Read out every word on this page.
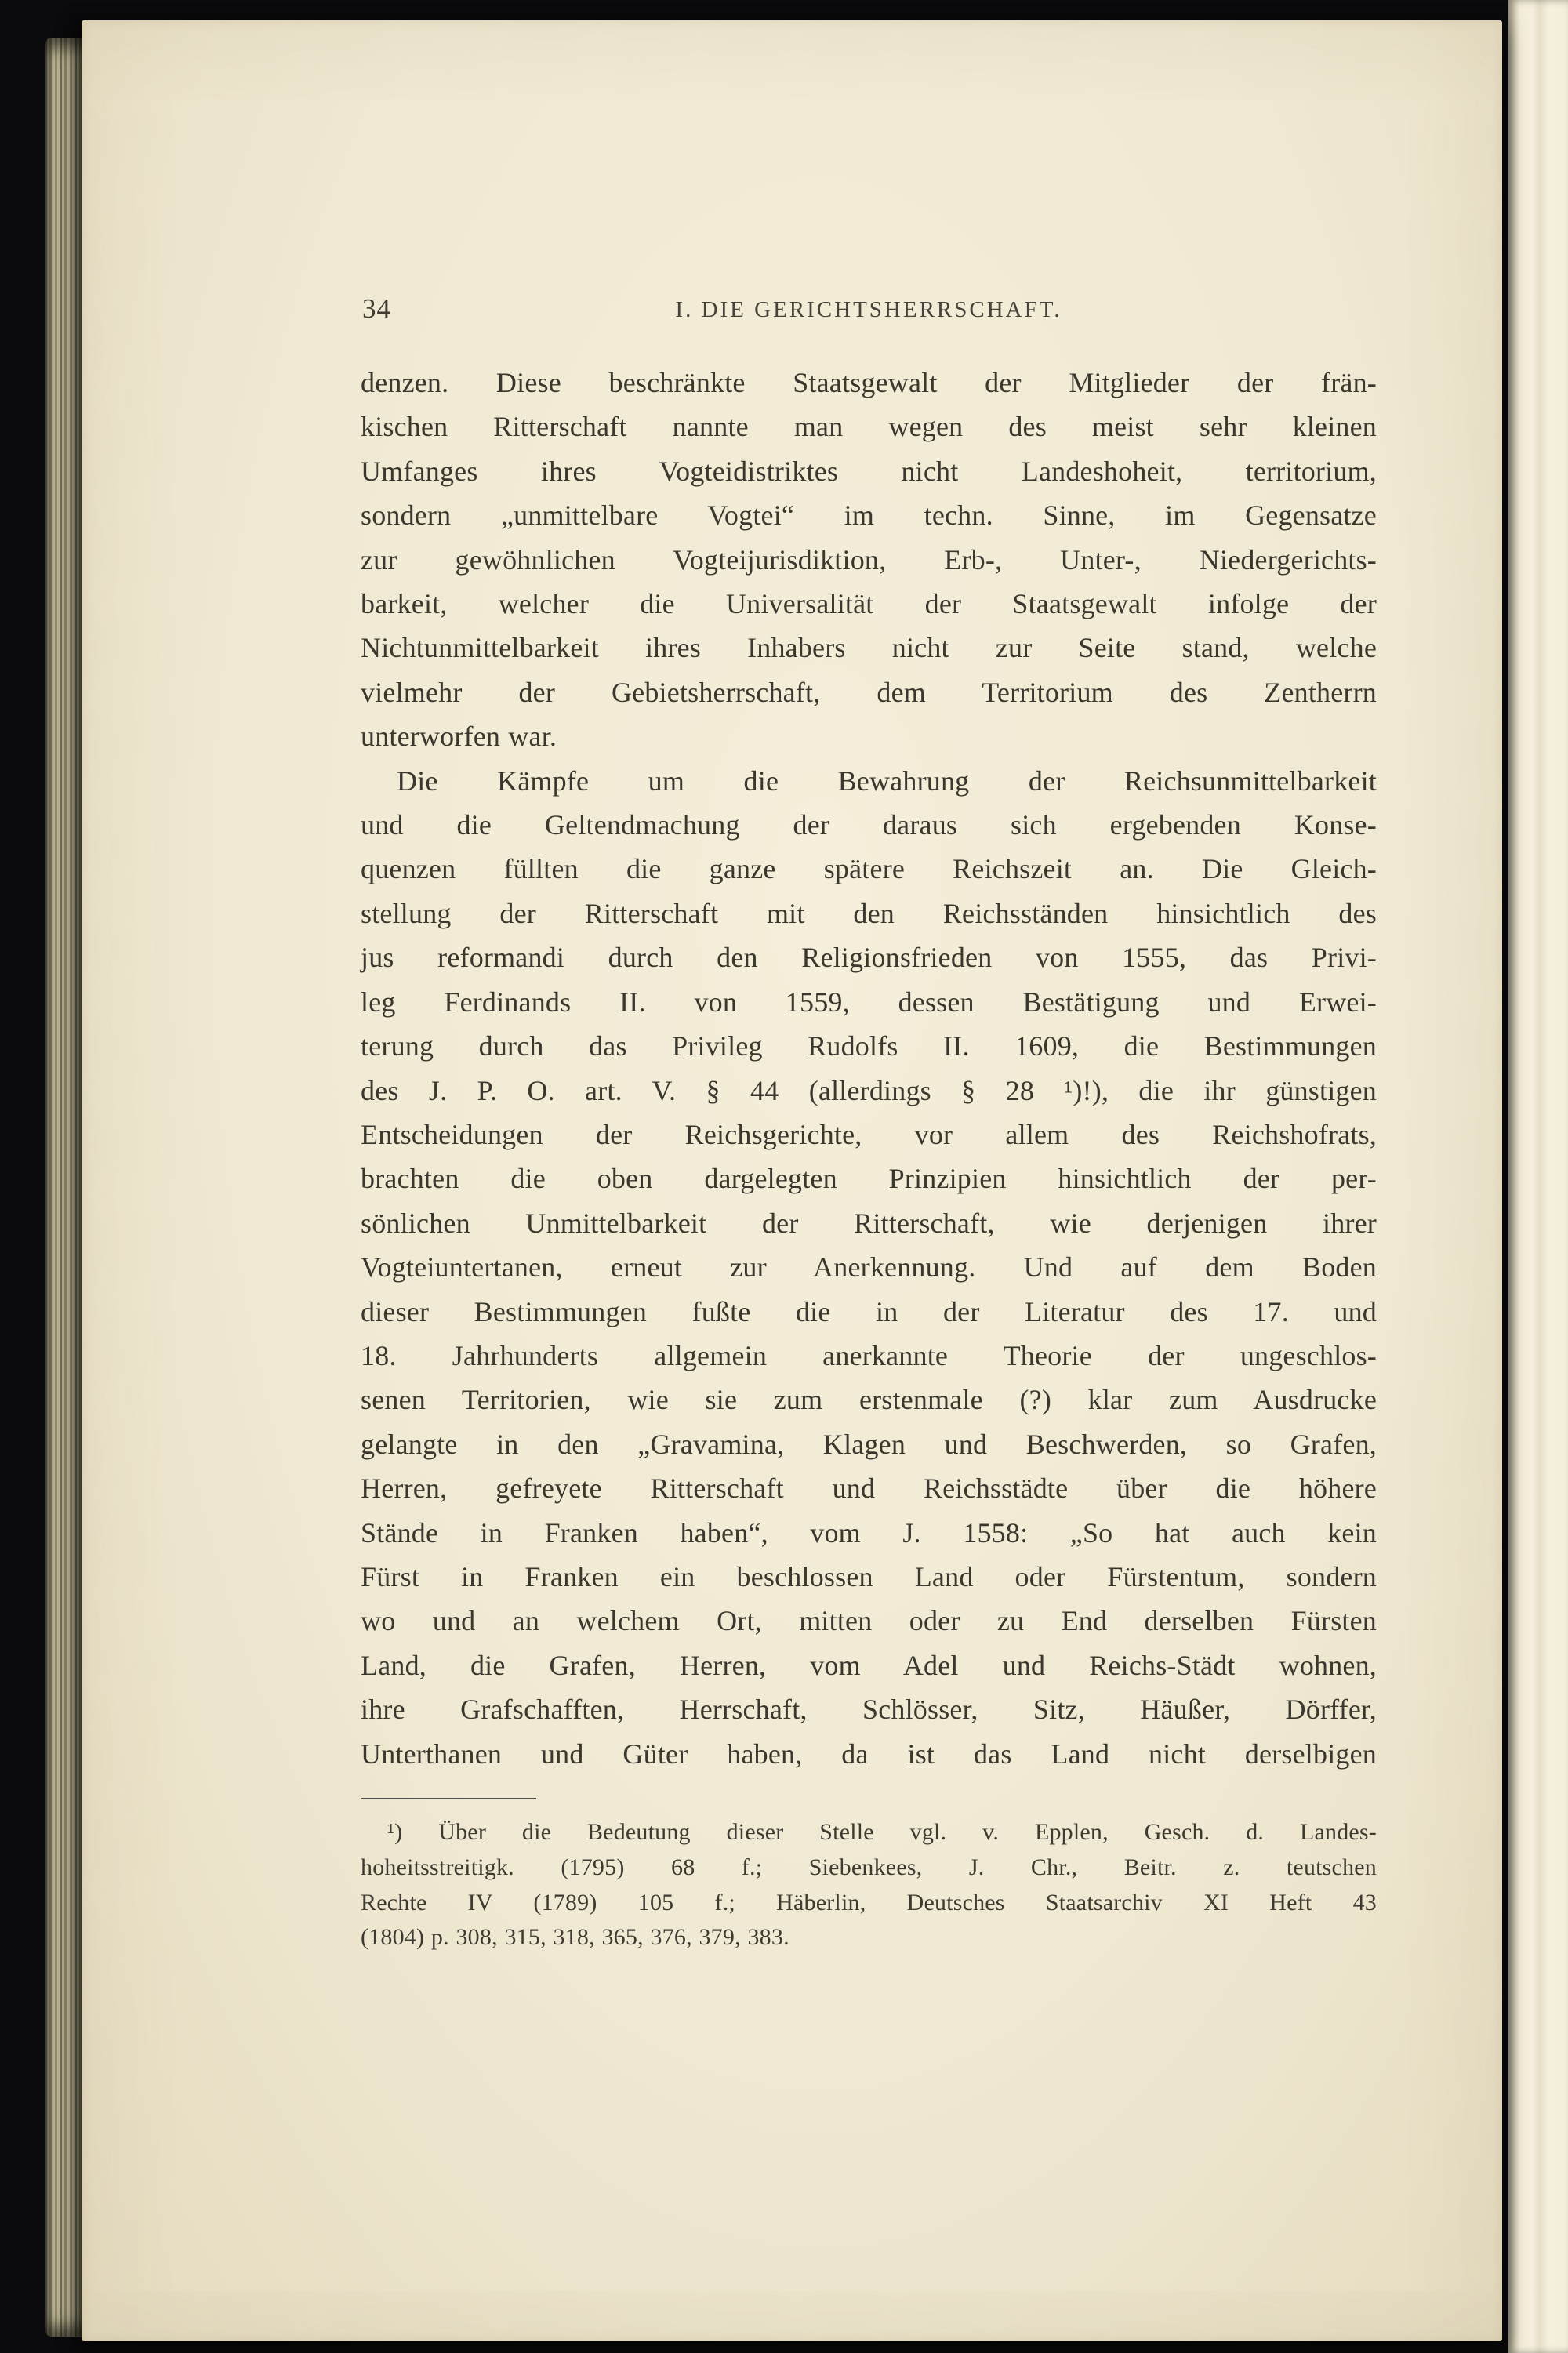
34	I. DIE GERICHTSHERRSCHAFT.
denzen. Diese beschränkte Staatsgewalt der Mitglieder der frän-
kischen Ritterschaft nannte man wegen des meist sehr kleinen
Umfanges ihres Vogteidistriktes nicht Landeshoheit, territorium,
sondern „unmittelbare Vogtei“ im techn. Sinne, im Gegensatze
zur gewöhnlichen Vogteijurisdiktion, Erb-, Unter-, Niedergerichts-
barkeit, welcher die Universalität der Staatsgewalt infolge der
Nichtunmittelbarkeit ihres Inhabers nicht zur Seite stand, welche
vielmehr der Gebietsherrschaft, dem Territorium des Zentherrn
unterworfen war.
Die Kämpfe um die Bewahrung der Reichsunmittelbarkeit
und die Geltendmachung der daraus sich ergebenden Konse-
quenzen füllten die ganze spätere Reichszeit an. Die Gleich-
stellung der Ritterschaft mit den Reichsständen hinsichtlich des
jus reformandi durch den Religionsfrieden von 1555, das Privi-
leg Ferdinands II. von 1559, dessen Bestätigung und Erwei-
terung durch das Privileg Rudolfs II. 1609, die Bestimmungen
des J. P. O. art. V. § 44 (allerdings § 28 ¹)!), die ihr günstigen
Entscheidungen der Reichsgerichte, vor allem des Reichshofrats,
brachten die oben dargelegten Prinzipien hinsichtlich der per-
sönlichen Unmittelbarkeit der Ritterschaft, wie derjenigen ihrer
Vogteiuntertanen, erneut zur Anerkennung. Und auf dem Boden
dieser Bestimmungen fußte die in der Literatur des 17. und
18. Jahrhunderts allgemein anerkannte Theorie der ungeschlos-
senen Territorien, wie sie zum erstenmale (?) klar zum Ausdrucke
gelangte in den „Gravamina, Klagen und Beschwerden, so Grafen,
Herren, gefreyete Ritterschaft und Reichsstädte über die höhere
Stände in Franken haben“, vom J. 1558: „So hat auch kein
Fürst in Franken ein beschlossen Land oder Fürstentum, sondern
wo und an welchem Ort, mitten oder zu End derselben Fürsten
Land, die Grafen, Herren, vom Adel und Reichs-Städt wohnen,
ihre Grafschafften, Herrschaft, Schlösser, Sitz, Häußer, Dörffer,
Unterthanen und Güter haben, da ist das Land nicht derselbigen
¹) Über die Bedeutung dieser Stelle vgl. v. Epplen, Gesch. d. Landes-
hoheitsstreitigk. (1795) 68 f.; Siebenkees, J. Chr., Beitr. z. teutschen
Rechte IV (1789) 105 f.; Häberlin, Deutsches Staatsarchiv XI Heft 43
(1804) p. 308, 315, 318, 365, 376, 379, 383.
